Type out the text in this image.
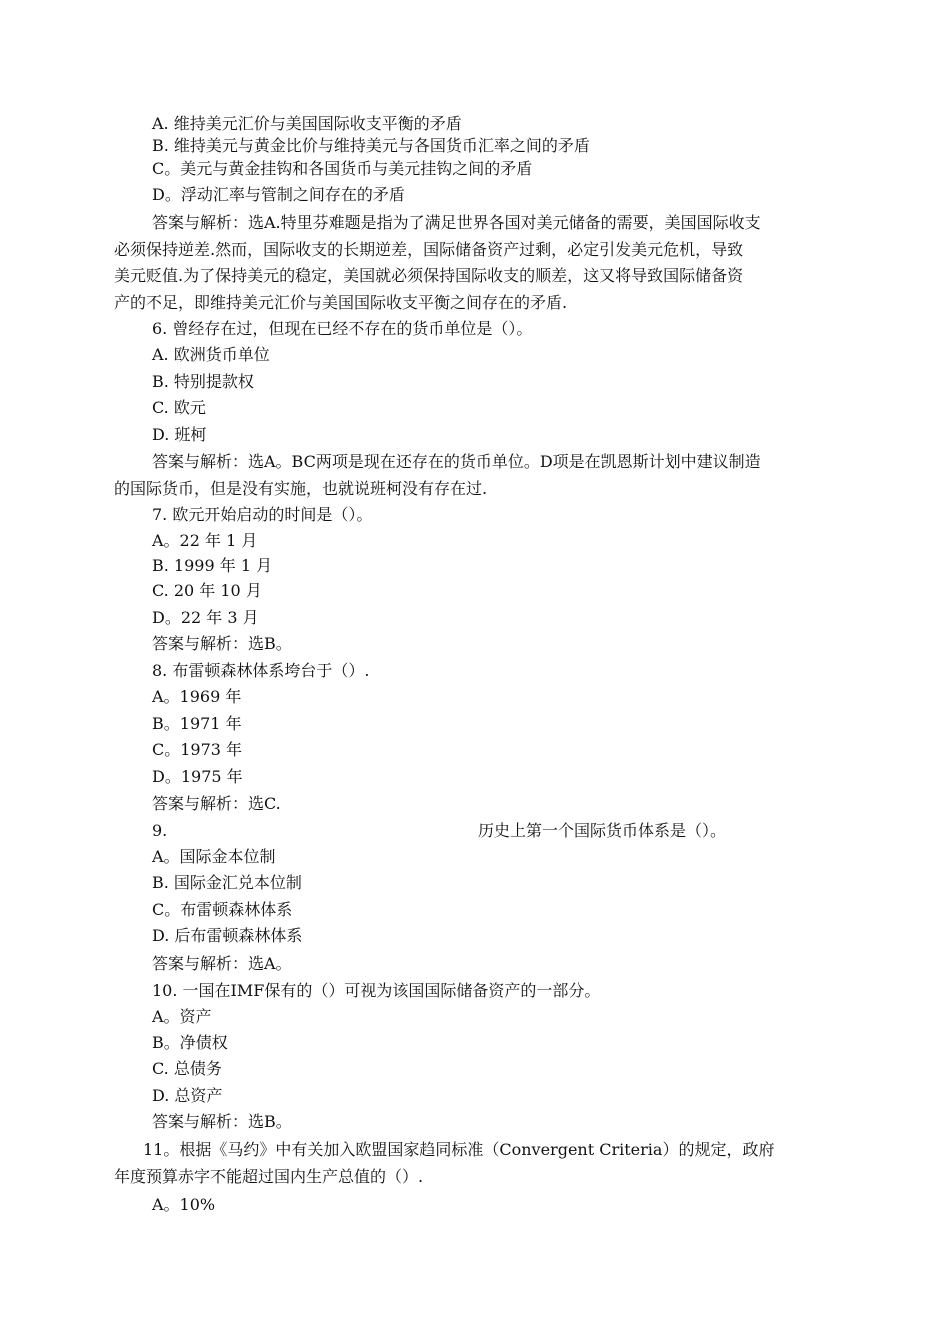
A. 维持美元汇价与美国国际收支平衡的矛盾
B. 维持美元与黄金比价与维持美元与各国货币汇率之间的矛盾
C。美元与黄金挂钩和各国货币与美元挂钩之间的矛盾
D。浮动汇率与管制之间存在的矛盾
答案与解析：选A.特里芬难题是指为了满足世界各国对美元储备的需要，美国国际收支
必须保持逆差.然而，国际收支的长期逆差，国际储备资产过剩，必定引发美元危机，导致
美元贬值.为了保持美元的稳定，美国就必须保持国际收支的顺差，这又将导致国际储备资
产的不足，即维持美元汇价与美国国际收支平衡之间存在的矛盾.
6. 曾经存在过，但现在已经不存在的货币单位是（）。
A. 欧洲货币单位
B. 特别提款权
C. 欧元
D. 班柯
答案与解析：选A。BC两项是现在还存在的货币单位。D项是在凯恩斯计划中建议制造
的国际货币，但是没有实施，也就说班柯没有存在过.
7. 欧元开始启动的时间是（）。
A。22 年 1 月
B. 1999 年 1 月
C. 20 年 10 月
D。22 年 3 月
答案与解析：选B。
8. 布雷顿森林体系垮台于（）.
A。1969 年
B。1971 年
C。1973 年
D。1975 年
答案与解析：选C.
9.	历史上第一个国际货币体系是（）。
A。国际金本位制
B. 国际金汇兑本位制
C。布雷顿森林体系
D. 后布雷顿森林体系
答案与解析：选A。
10. 一国在IMF保有的（）可视为该国国际储备资产的一部分。
A。资产
B。净债权
C. 总债务
D. 总资产
答案与解析：选B。
11。根据《马约》中有关加入欧盟国家趋同标准（Convergent Criteria）的规定，政府
年度预算赤字不能超过国内生产总值的（）.
A。10%
